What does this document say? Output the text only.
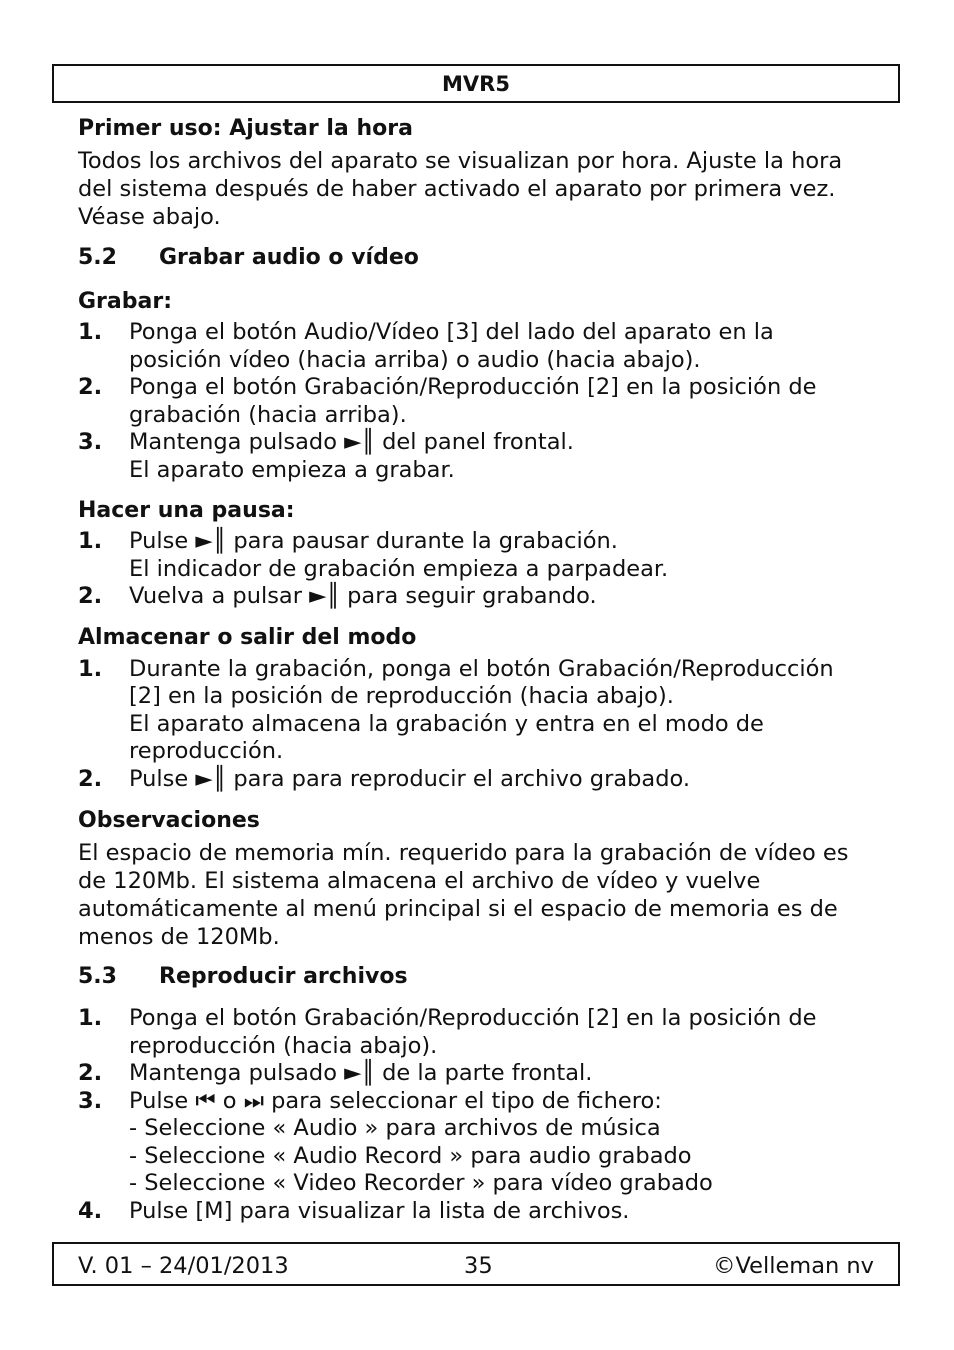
MVR5
Primer uso: Ajustar la hora
Todos los archivos del aparato se visualizan por hora. Ajuste la hora
del sistema después de haber activado el aparato por primera vez.
Véase abajo.
5.2	Grabar audio o vídeo
Grabar:
1.	Ponga el botón Audio/Vídeo [3] del lado del aparato en la
posición vídeo (hacia arriba) o audio (hacia abajo).
2.	Ponga el botón Grabación/Reproducción [2] en la posición de
grabación (hacia arriba).
3.	Mantenga pulsado ►║ del panel frontal.
El aparato empieza a grabar.
Hacer una pausa:
1.	Pulse ►║ para pausar durante la grabación.
El indicador de grabación empieza a parpadear.
2.	Vuelva a pulsar ►║ para seguir grabando.
Almacenar o salir del modo
1.	Durante la grabación, ponga el botón Grabación/Reproducción
[2] en la posición de reproducción (hacia abajo).
El aparato almacena la grabación y entra en el modo de
reproducción.
2.	Pulse ►║ para para reproducir el archivo grabado.
Observaciones
El espacio de memoria mín. requerido para la grabación de vídeo es
de 120Mb. El sistema almacena el archivo de vídeo y vuelve
automáticamente al menú principal si el espacio de memoria es de
menos de 120Mb.
5.3	Reproducir archivos
1.	Ponga el botón Grabación/Reproducción [2] en la posición de
reproducción (hacia abajo).
2.	Mantenga pulsado ►║ de la parte frontal.
3.	Pulse ⏮ o ⏭ para seleccionar el tipo de fichero:
- Seleccione « Audio » para archivos de música
- Seleccione « Audio Record » para audio grabado
- Seleccione « Video Recorder » para vídeo grabado
4.	Pulse [M] para visualizar la lista de archivos.
V. 01 – 24/01/2013	35	©Velleman nv
